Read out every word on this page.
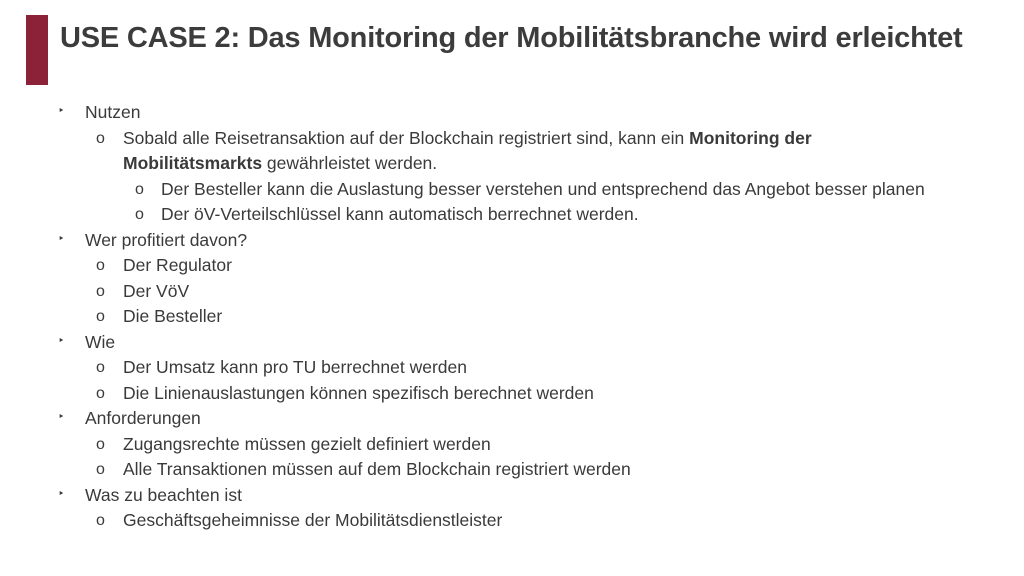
USE CASE 2: Das Monitoring der Mobilitätsbranche wird erleichtet
‣ Nutzen
o Sobald alle Reisetransaktion auf der Blockchain registriert sind, kann ein Monitoring der
Mobilitätsmarkts gewährleistet werden.
o Der Besteller kann die Auslastung besser verstehen und entsprechend das Angebot besser planen
o Der öV-Verteilschlüssel kann automatisch berrechnet werden.
‣ Wer profitiert davon?
o Der Regulator
o Der VöV
o Die Besteller
‣ Wie
o Der Umsatz kann pro TU berrechnet werden
o Die Linienauslastungen können spezifisch berechnet werden
‣ Anforderungen
o Zugangsrechte müssen gezielt definiert werden
o Alle Transaktionen müssen auf dem Blockchain registriert werden
‣ Was zu beachten ist
o Geschäftsgeheimnisse der Mobilitätsdienstleister
